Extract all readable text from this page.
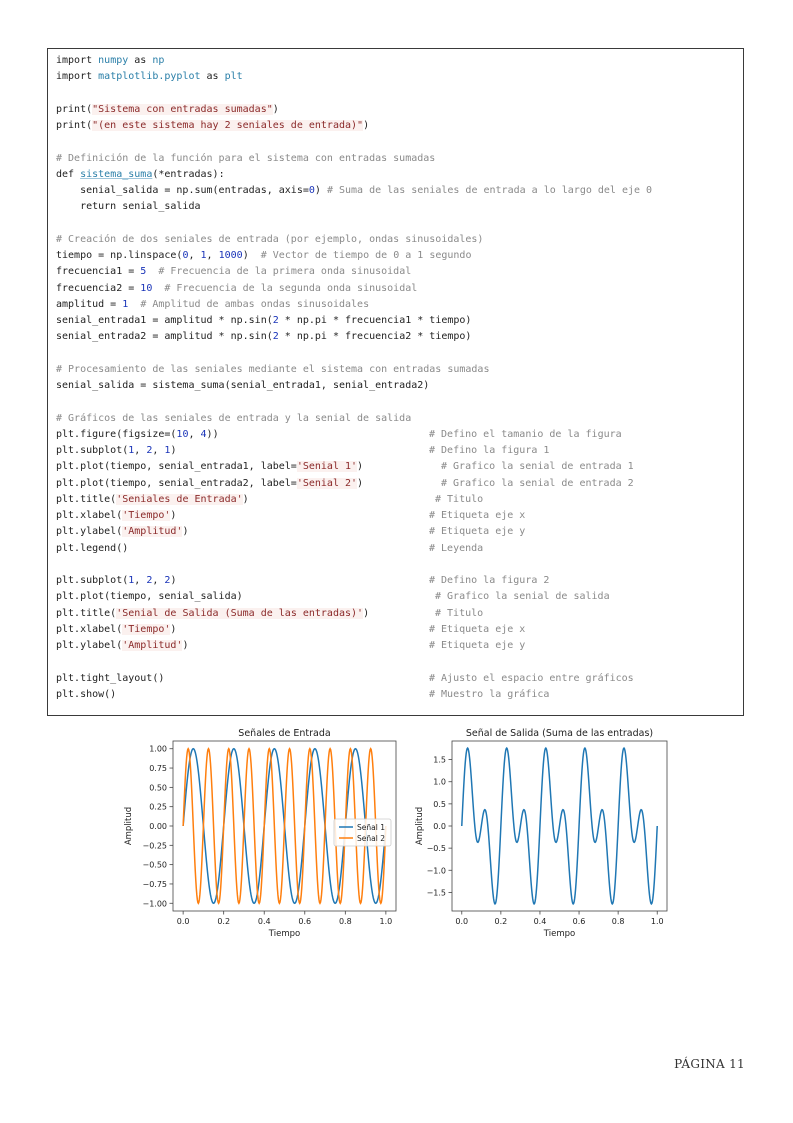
import numpy as np
import matplotlib.pyplot as plt

print("Sistema con entradas sumadas")
print("(en este sistema hay 2 seniales de entrada)")

# Definición de la función para el sistema con entradas sumadas
def sistema_suma(*entradas):
senial_salida = np.sum(entradas, axis=0) # Suma de las seniales de entrada a lo largo del eje 0
return senial_salida

# Creación de dos seniales de entrada (por ejemplo, ondas sinusoidales)
tiempo = np.linspace(0, 1, 1000)  # Vector de tiempo de 0 a 1 segundo
frecuencia1 = 5 # Frecuencia de la primera onda sinusoidal
frecuencia2 = 10 # Frecuencia de la segunda onda sinusoidal
amplitud = 1 # Amplitud de ambas ondas sinusoidales
senial_entrada1 = amplitud * np.sin(2 * np.pi * frecuencia1 * tiempo)
senial_entrada2 = amplitud * np.sin(2 * np.pi * frecuencia2 * tiempo)

# Procesamiento de las seniales mediante el sistema con entradas sumadas
senial_salida = sistema_suma(senial_entrada1, senial_entrada2)

# Gráficos de las seniales de entrada y la senial de salida
plt.figure(figsize=(10, 4))	# Defino el tamanio de la figura
plt.subplot(1, 2, 1)	# Defino la figura 1
plt.plot(tiempo, senial_entrada1, label='Senial 1')	# Grafico la senial de entrada 1
plt.plot(tiempo, senial_entrada2, label='Senial 2')	# Grafico la senial de entrada 2
plt.title('Seniales de Entrada')	# Titulo
plt.xlabel('Tiempo')	# Etiqueta eje x
plt.ylabel('Amplitud')	# Etiqueta eje y
plt.legend()	# Leyenda

plt.subplot(1, 2, 2)	# Defino la figura 2
plt.plot(tiempo, senial_salida)	# Grafico la senial de salida
plt.title('Senial de Salida (Suma de las entradas)')	# Titulo
plt.xlabel('Tiempo')	# Etiqueta eje x
plt.ylabel('Amplitud')	# Etiqueta eje y

plt.tight_layout()	# Ajusto el espacio entre gráficos
plt.show()	# Muestro la gráfica
0.0	0.2	0.4	0.6	0.8	1.0
1.00
0.75
0.50
0.25
0.00
−0.25
−0.50
−0.75
−1.00
Señales de Entrada
Tiempo
Amplitud	Señal 1
Señal 2
0.0	0.2	0.4	0.6	0.8	1.0
1.5
1.0
0.5
0.0
−0.5
−1.0
−1.5
Señal de Salida (Suma de las entradas)
Tiempo
Amplitud
PÁGINA 11
